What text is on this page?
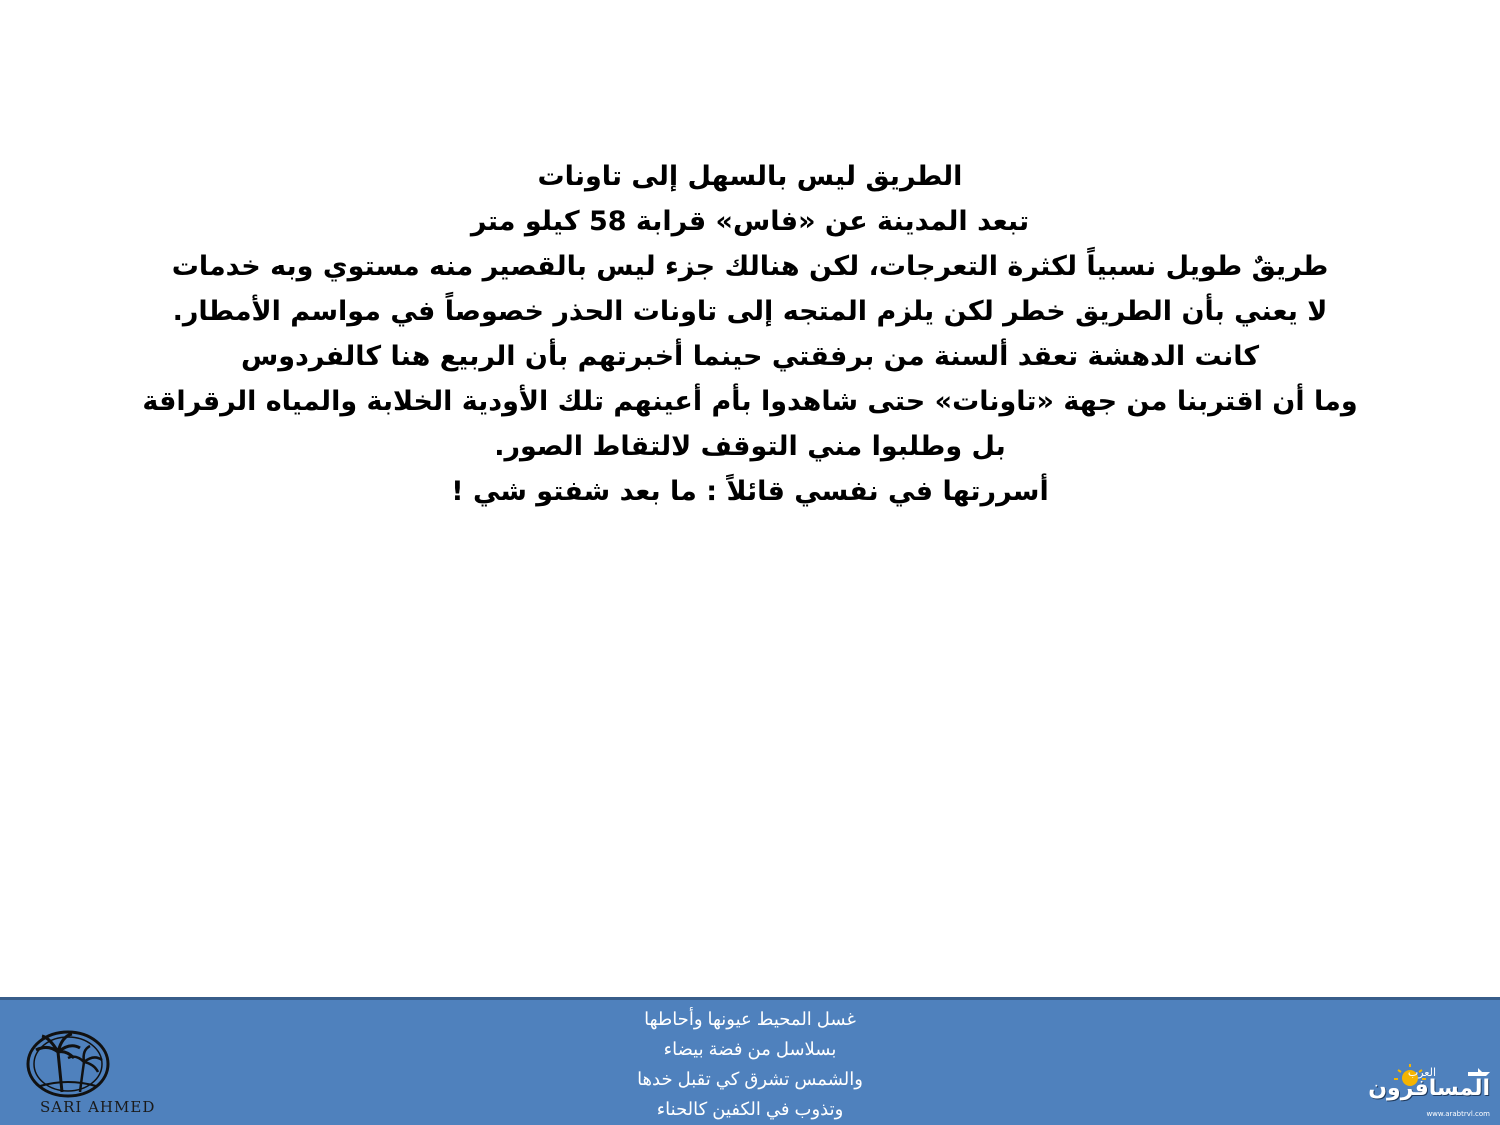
الطريق ليس بالسهل إلى تاونات
تبعد المدينة عن «فاس» قرابة 58 كيلو متر
طريقٌ طويل نسبياً لكثرة التعرجات، لكن هنالك جزء ليس بالقصير منه مستوي وبه خدمات
لا يعني بأن الطريق خطر لكن يلزم المتجه إلى تاونات الحذر خصوصاً في مواسم الأمطار.
كانت الدهشة تعقد ألسنة من برفقتي حينما أخبرتهم بأن الربيع هنا كالفردوس
وما أن اقتربنا من جهة «تاونات» حتى شاهدوا بأم أعينهم تلك الأودية الخلابة والمياه الرقراقة
بل وطلبوا مني التوقف لالتقاط الصور.
أسررتها في نفسي قائلاً : ما بعد شفتو شي !
SARI AHMED
غسل المحيط عيونها وأحاطها
بسلاسل من فضة بيضاء
والشمس تشرق كي تقبل خدها
وتذوب في الكفين كالحناء
العرب
المسافرون
www.arabtrvl.com
